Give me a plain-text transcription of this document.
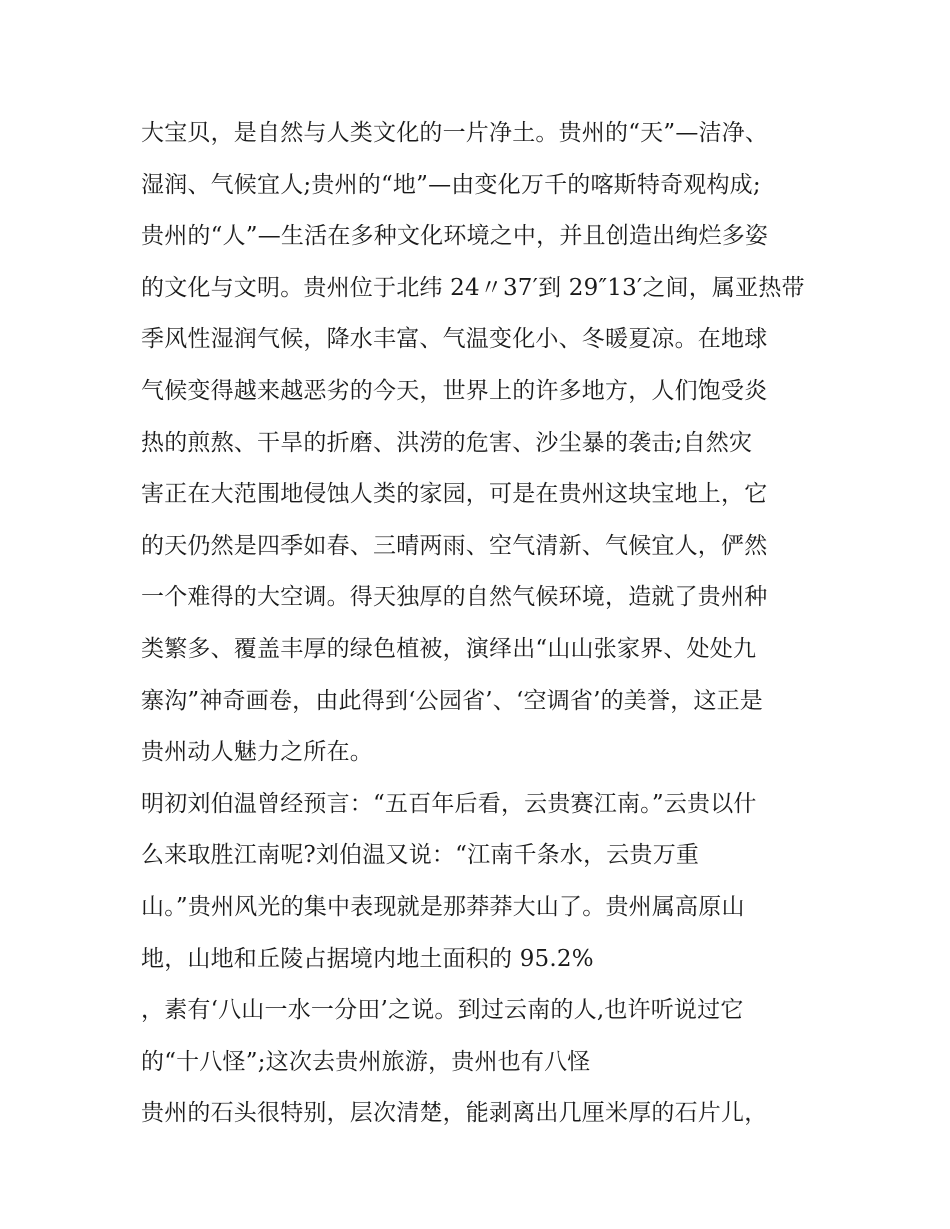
大宝贝，是自然与人类文化的一片净土。贵州的“天”—洁净、
湿润、气候宜人;贵州的“地”—由变化万千的喀斯特奇观构成;
贵州的“人”—生活在多种文化环境之中，并且创造出绚烂多姿
的文化与文明。贵州位于北纬 24〃37′到 29″13′之间，属亚热带
季风性湿润气候，降水丰富、气温变化小、冬暖夏凉。在地球
气候变得越来越恶劣的今天，世界上的许多地方，人们饱受炎
热的煎熬、干旱的折磨、洪涝的危害、沙尘暴的袭击;自然灾
害正在大范围地侵蚀人类的家园，可是在贵州这块宝地上，它
的天仍然是四季如春、三晴两雨、空气清新、气候宜人，俨然
一个难得的大空调。得天独厚的自然气候环境，造就了贵州种
类繁多、覆盖丰厚的绿色植被，演绎出“山山张家界、处处九
寨沟”神奇画卷，由此得到‘公园省’、‘空调省’的美誉，这正是
贵州动人魅力之所在。
明初刘伯温曾经预言：“五百年后看，云贵赛江南。”云贵以什
么来取胜江南呢?刘伯温又说：“江南千条水，云贵万重
山。”贵州风光的集中表现就是那莽莽大山了。贵州属高原山
地，山地和丘陵占据境内地土面积的 95.2%
，素有‘八山一水一分田’之说。到过云南的人,也许听说过它
的“十八怪”;这次去贵州旅游，贵州也有八怪
贵州的石头很特别，层次清楚，能剥离出几厘米厚的石片儿，
